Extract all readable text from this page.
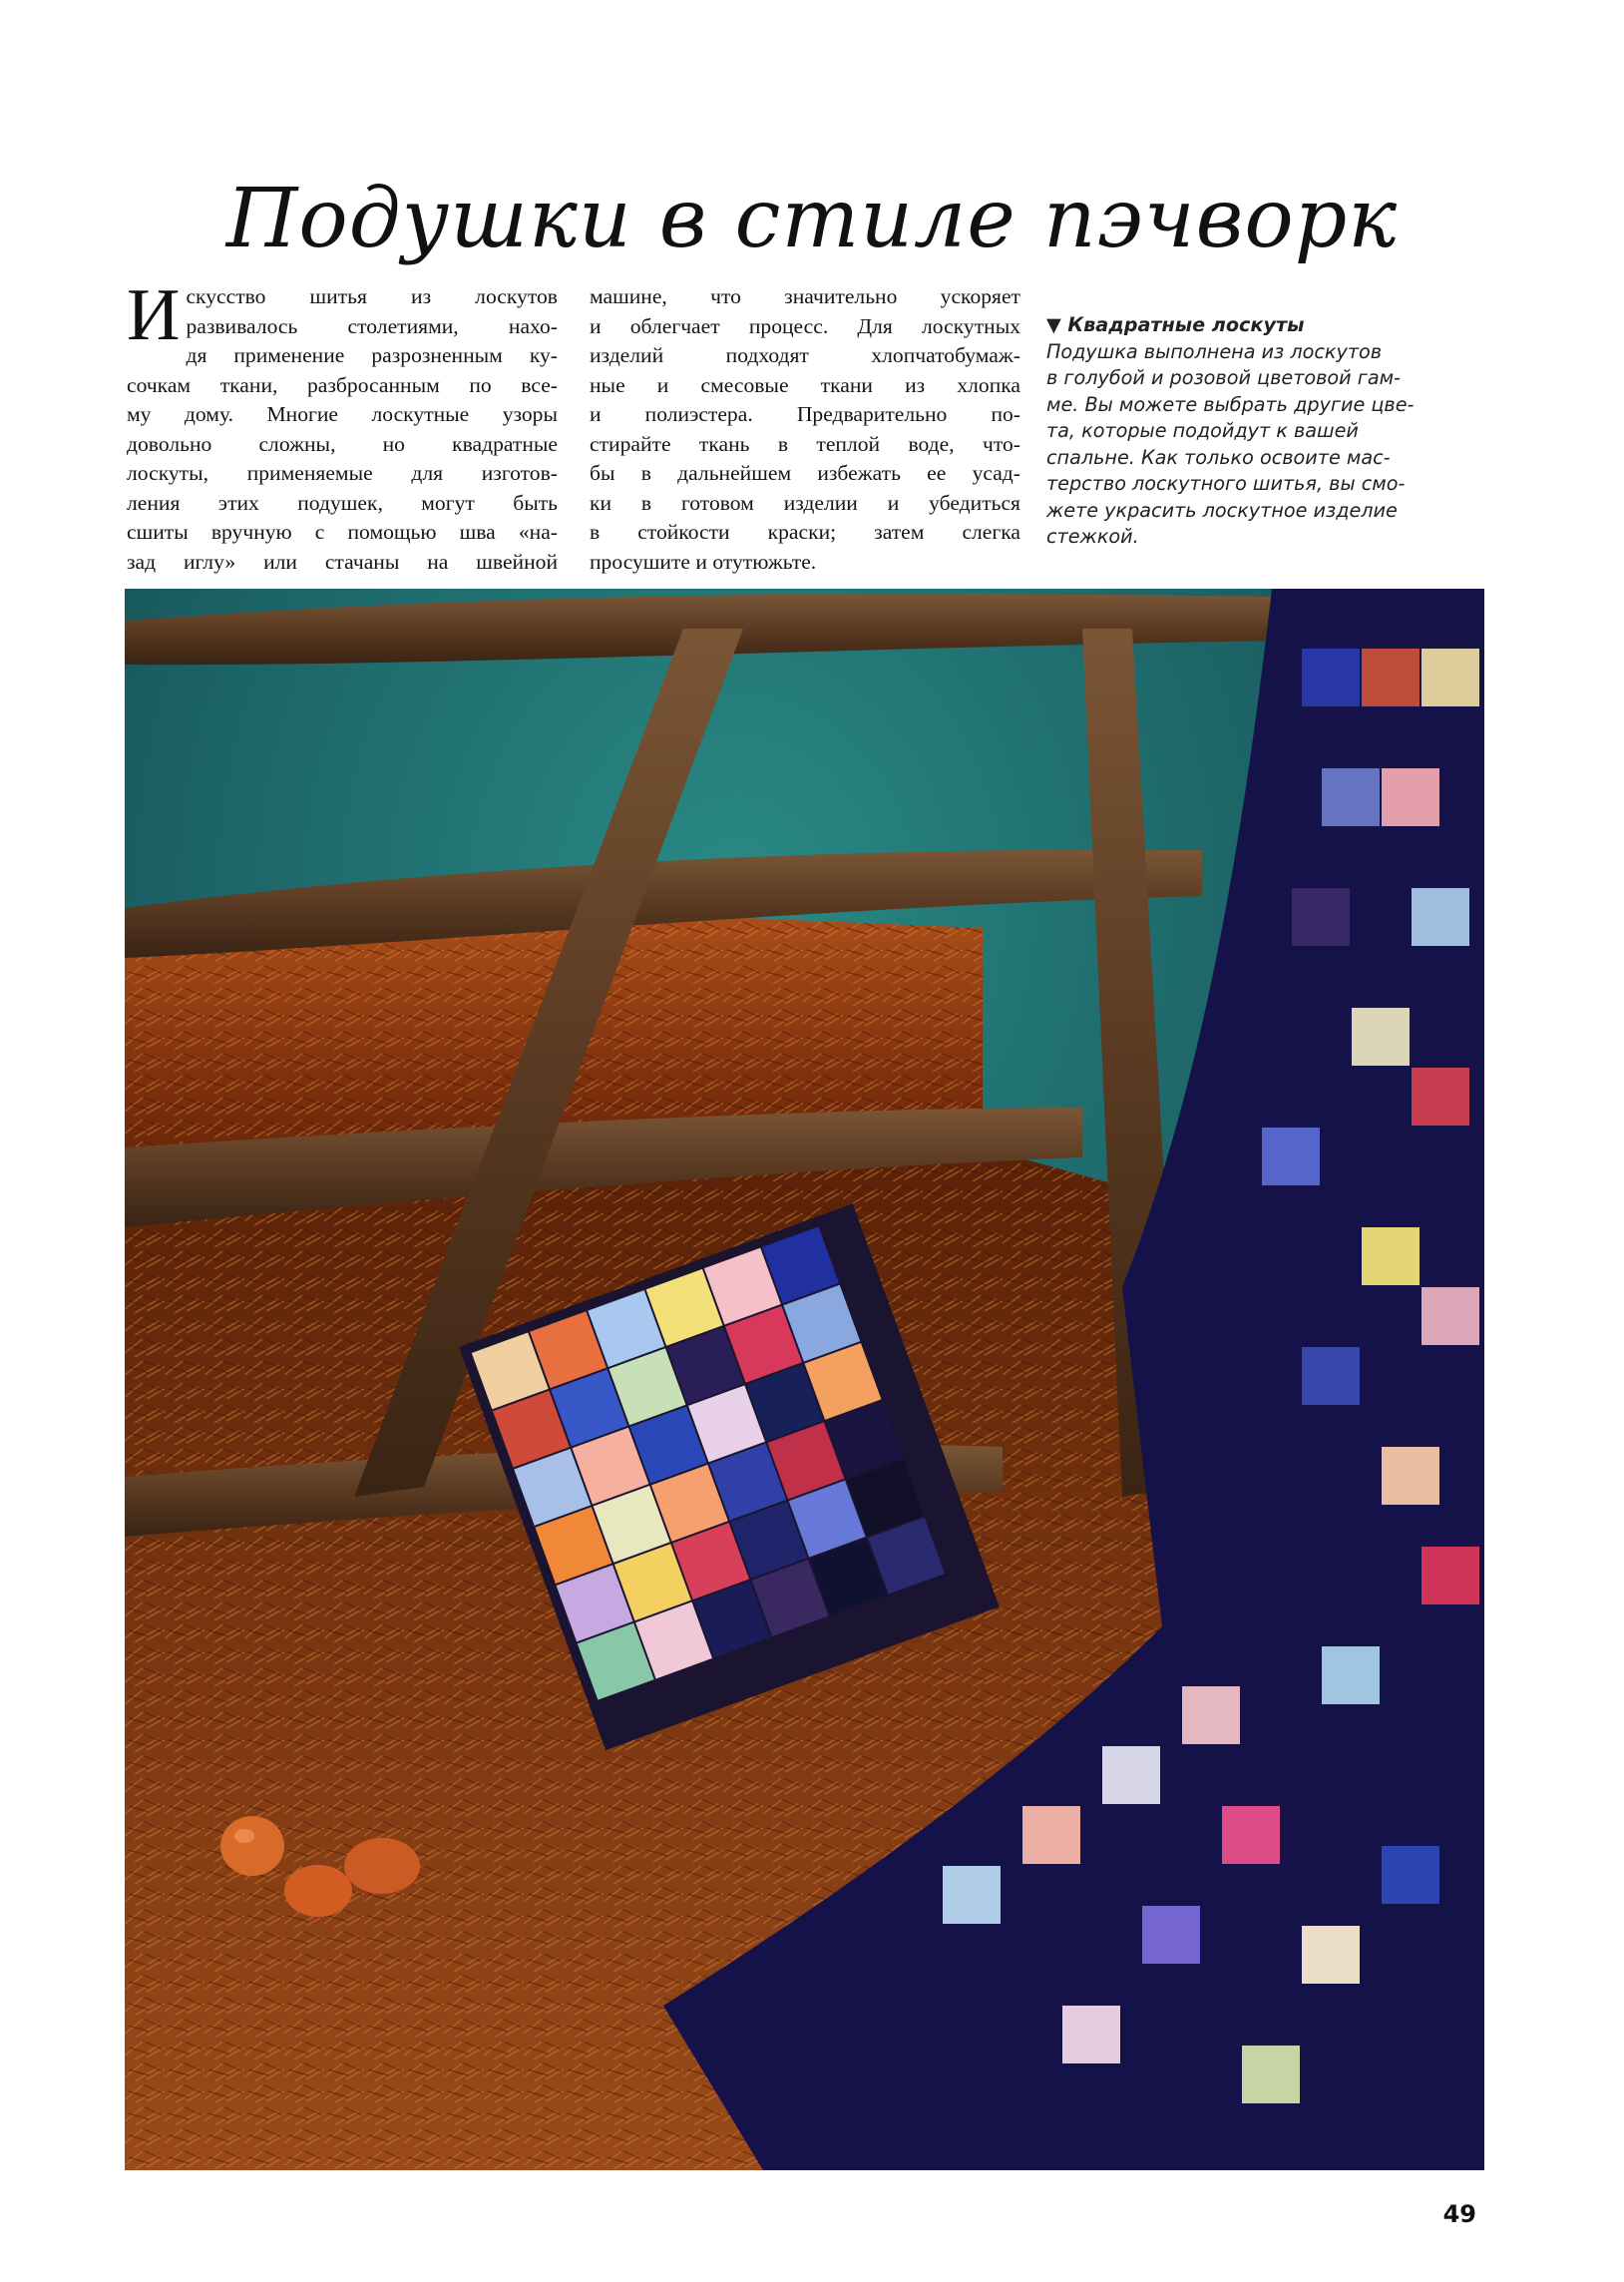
Подушки в стиле пэчворк
И скусство шитья из лоскутов
развивалось столетиями, нахо-
дя применение разрозненным ку-
сочкам ткани, разбросанным по все-
му дому. Многие лоскутные узоры
довольно сложны, но квадратные
лоскуты, применяемые для изготов-
ления этих подушек, могут быть
сшиты вручную с помощью шва «на-
зад иглу» или стачаны на швейной
машине, что значительно ускоряет
и облегчает процесс. Для лоскутных
изделий подходят хлопчатобумаж-
ные и смесовые ткани из хлопка
и полиэстера. Предварительно по-
стирайте ткань в теплой воде, что-
бы в дальнейшем избежать ее усад-
ки в готовом изделии и убедиться
в стойкости краски; затем слегка
просушите и отутюжьте.
▼ Квадратные лоскуты
Подушка выполнена из лоскутов
в голубой и розовой цветовой гам-
ме. Вы можете выбрать другие цве-
та, которые подойдут к вашей
спальне. Как только освоите мас-
терство лоскутного шитья, вы смо-
жете украсить лоскутное изделие
стежкой.
49
